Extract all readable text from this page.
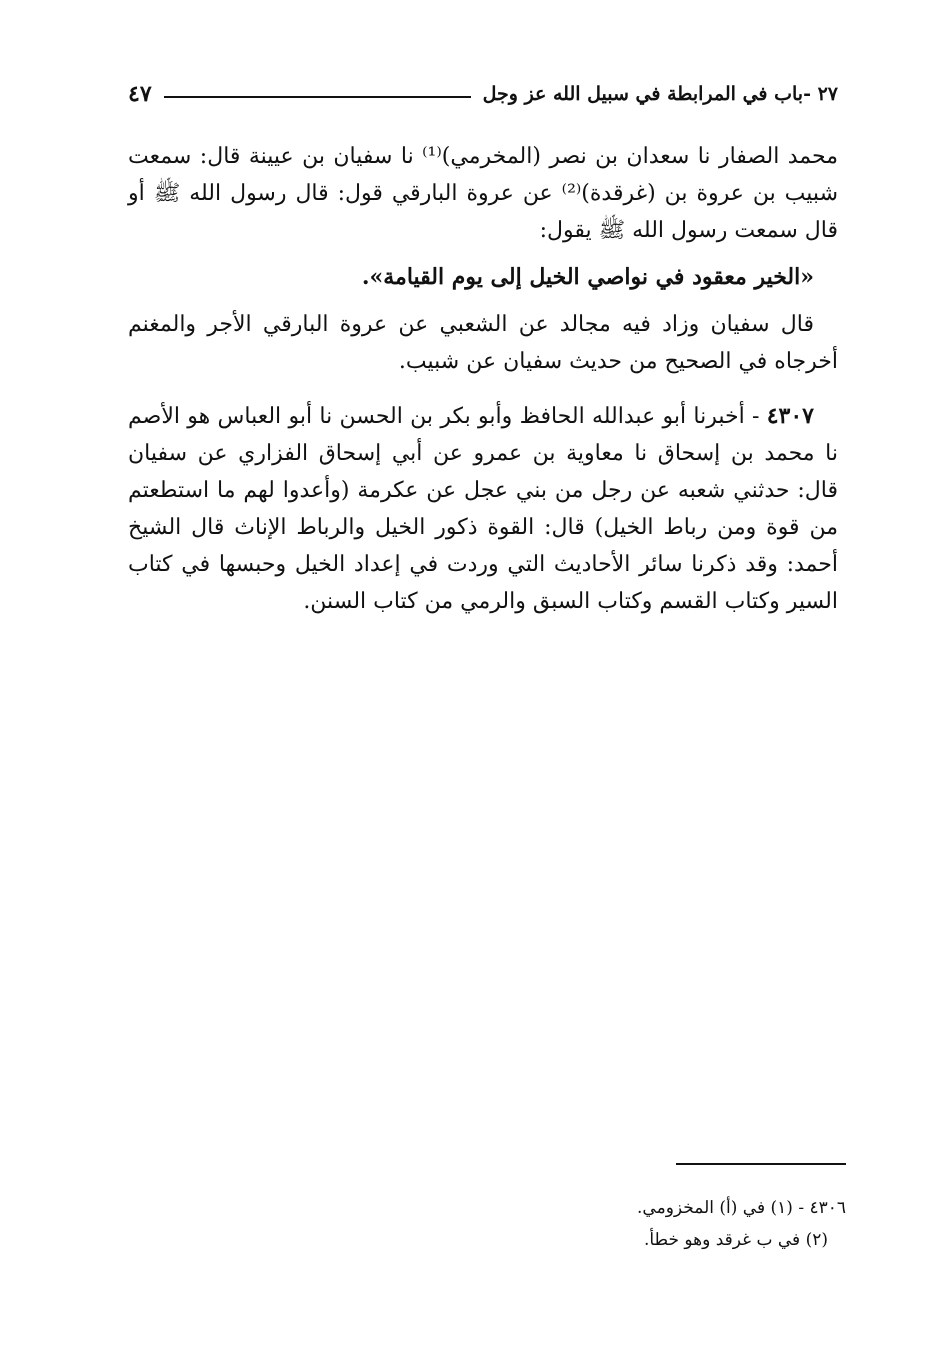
٢٧ -باب في المرابطة في سبيل الله عز وجل
٤٧

محمد الصفار نا سعدان بن نصر (المخرمي)⁽¹⁾ نا سفيان بن عيينة قال: سمعت شبيب بن عروة بن (غرقدة)⁽²⁾ عن عروة البارقي قول: قال رسول الله ﷺ أو قال سمعت رسول الله ﷺ يقول:

«الخير معقود في نواصي الخيل إلى يوم القيامة».

قال سفيان وزاد فيه مجالد عن الشعبي عن عروة البارقي الأجر والمغنم أخرجاه في الصحيح من حديث سفيان عن شبيب.

٤٣٠٧ - أخبرنا أبو عبدالله الحافظ وأبو بكر بن الحسن نا أبو العباس هو الأصم نا محمد بن إسحاق نا معاوية بن عمرو عن أبي إسحاق الفزاري عن سفيان قال: حدثني شعبه عن رجل من بني عجل عن عكرمة (وأعدوا لهم ما استطعتم من قوة ومن رباط الخيل) قال: القوة ذكور الخيل والرباط الإناث قال الشيخ أحمد: وقد ذكرنا سائر الأحاديث التي وردت في إعداد الخيل وحبسها في كتاب السير وكتاب القسم وكتاب السبق والرمي من كتاب السنن.

٤٣٠٦ - (١) في (أ) المخزومي.

(٢) في ب غرقد وهو خطأ.
